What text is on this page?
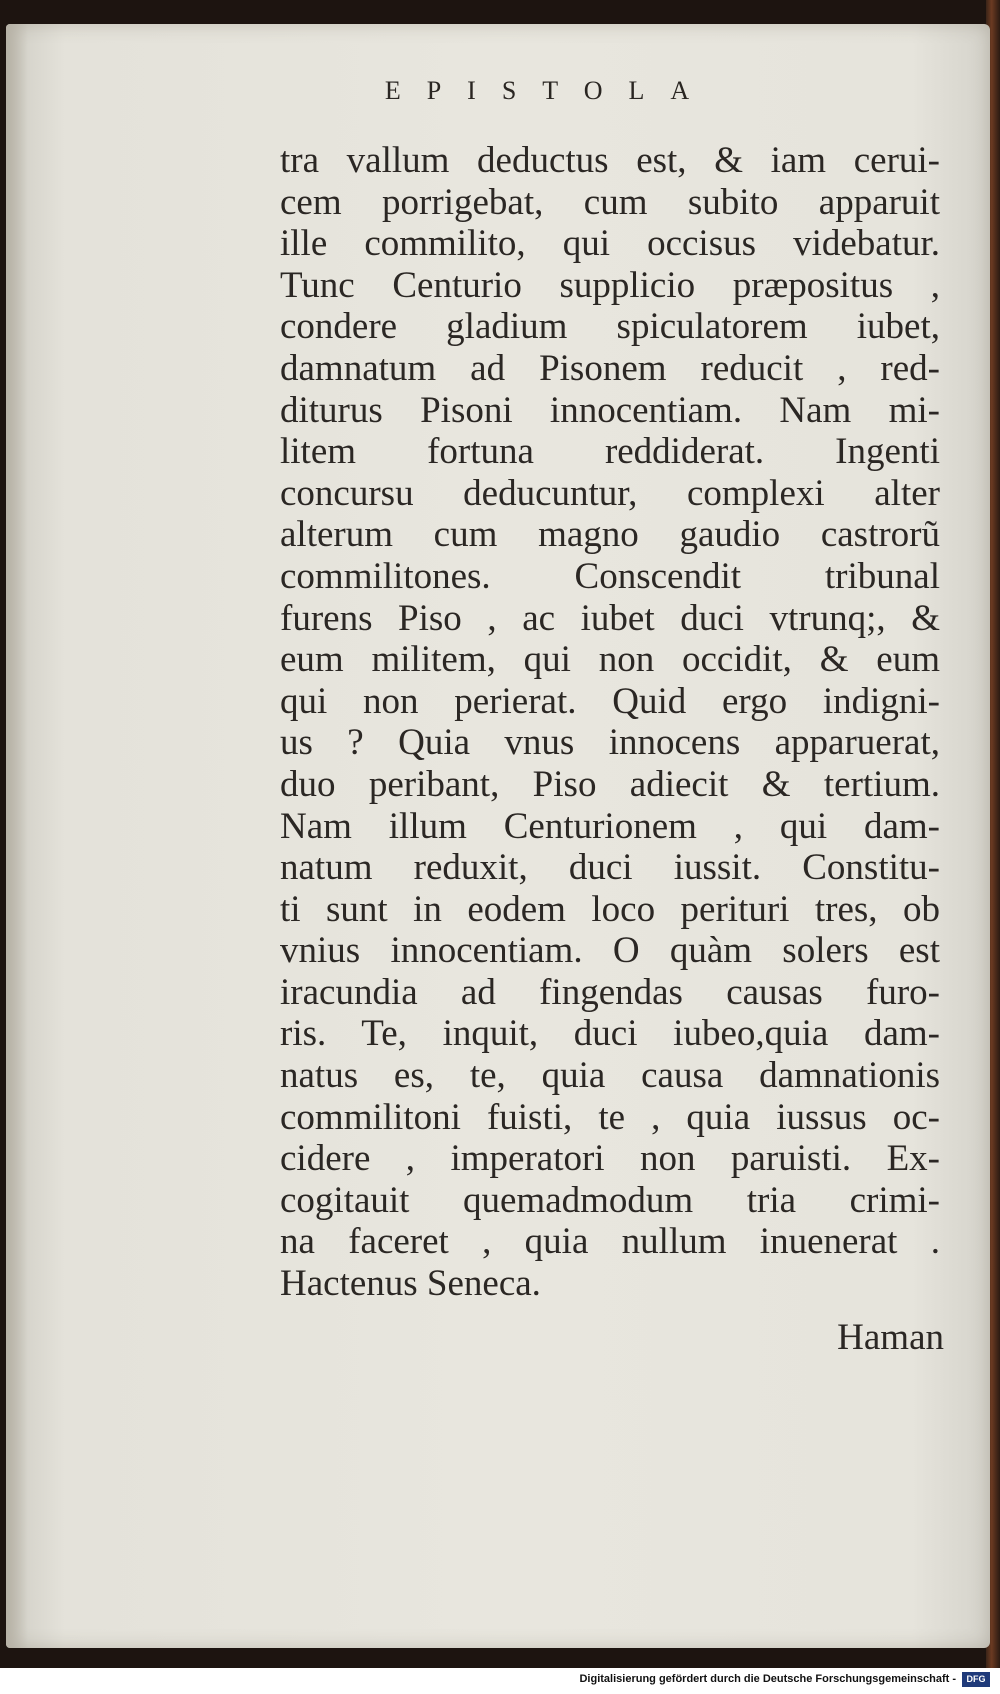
EPISTOLA
tra vallum deductus est, & iam cerui-
cem porrigebat, cum subito apparuit
ille commilito, qui occisus videbatur.
Tunc Centurio supplicio præpositus ,
condere gladium spiculatorem iubet,
damnatum ad Pisonem reducit , red-
diturus Pisoni innocentiam. Nam mi-
litem fortuna reddiderat. Ingenti
concursu deducuntur, complexi alter
alterum cum magno gaudio castrorũ
commilitones. Conscendit tribunal
furens Piso , ac iubet duci vtrunq;, &
eum militem, qui non occidit, & eum
qui non perierat. Quid ergo indigni-
us ? Quia vnus innocens apparuerat,
duo peribant, Piso adiecit & tertium.
Nam illum Centurionem , qui dam-
natum reduxit, duci iussit. Constitu-
ti sunt in eodem loco perituri tres, ob
vnius innocentiam. O quàm solers est
iracundia ad fingendas causas furo-
ris. Te, inquit, duci iubeo,quia dam-
natus es, te, quia causa damnationis
commilitoni fuisti, te , quia iussus oc-
cidere , imperatori non paruisti. Ex-
cogitauit quemadmodum tria crimi-
na faceret , quia nullum inuenerat .
Hactenus Seneca.
Haman
Digitalisierung gefördert durch die Deutsche Forschungsgemeinschaft -	DFG
